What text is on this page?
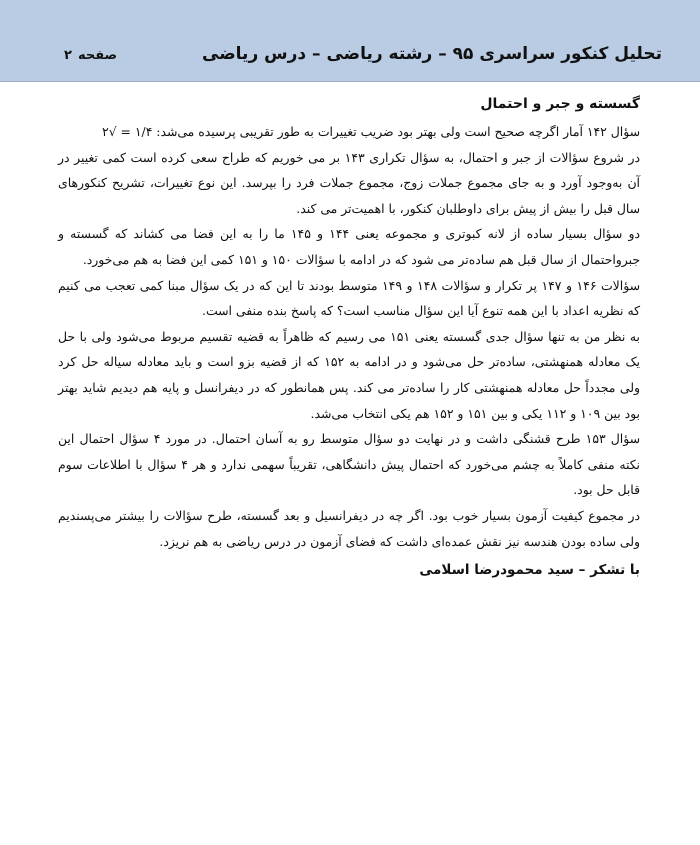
تحلیل کنکور سراسری ۹۵ – رشته ریاضی – درس ریاضی
صفحه۲
گسسته و جبر و احتمال

سؤال ۱۴۲ آمار اگرچه صحیح است ولی بهتر بود ضریب تغییرات به طور تقریبی پرسیده می‌شد: ۱/۴ = √۲

در شروع سؤالات از جبر و احتمال، به سؤال تکراری ۱۴۳ بر می خوریم که طراح سعی کرده است کمی تغییر در آن به‌وجود آورد و به جای مجموع جملات زوج، مجموع جملات فرد را بپرسد. این نوع تغییرات، تشریح کنکورهای سال قبل را بیش از پیش برای داوطلبان کنکور، با اهمیت‌تر می کند.

دو سؤال بسیار ساده از لانه کبوتری و مجموعه یعنی ۱۴۴ و ۱۴۵ ما را به این فضا می کشاند که گسسته و جبرواحتمال از سال قبل هم ساده‌تر می شود که در ادامه با سؤالات ۱۵۰ و ۱۵۱ کمی این فضا به هم می‌خورد.

سؤالات ۱۴۶ و ۱۴۷ پر تکرار و سؤالات ۱۴۸ و ۱۴۹ متوسط بودند تا این که در یک سؤال مبنا کمی تعجب می کنیم که نظریه اعداد با این همه تنوع آیا این سؤال مناسب است؟ که پاسخ بنده منفی است.

به نظر من به تنها سؤال جدی گسسته یعنی ۱۵۱ می رسیم که ظاهراً به قضیه تقسیم مربوط می‌شود ولی با حل یک معادله همنهشتی، ساده‌تر حل می‌شود و در ادامه به ۱۵۲ که از قضیه بزو است و باید معادله سیاله حل کرد ولی مجدداً حل معادله همنهشتی کار را ساده‌تر می کند. پس همانطور که در دیفرانسل و پایه هم دیدیم شاید بهتر بود بین ۱۰۹ و ۱۱۲ یکی و بین ۱۵۱ و ۱۵۲ هم یکی انتخاب می‌شد.

سؤال ۱۵۳ طرح قشنگی داشت و در نهایت دو سؤال متوسط رو به آسان احتمال. در مورد ۴ سؤال احتمال این نکته منفی کاملاً به چشم می‌خورد که احتمال پیش دانشگاهی، تقریباً سهمی ندارد و هر ۴ سؤال با اطلاعات سوم قابل حل بود.

در مجموع کیفیت آزمون بسیار خوب بود. اگر چه در دیفرانسیل و بعد گسسته، طرح سؤالات را بیشتر می‌پسندیم ولی ساده بودن هندسه نیز نقش عمده‌ای داشت که فضای آزمون در درس ریاضی به هم نریزد.

با تشکر – سید محمودرضا اسلامی
